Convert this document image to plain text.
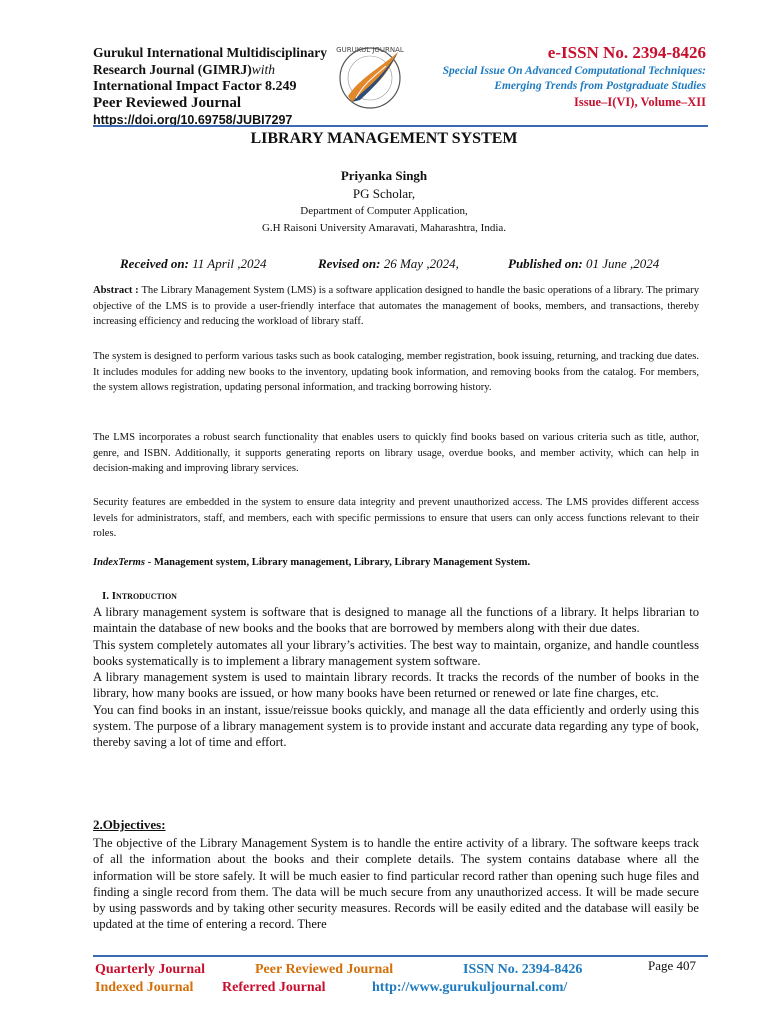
Gurukul International Multidisciplinary
Research Journal (GIMRJ)with
International Impact Factor 8.249
Peer Reviewed Journal
https://doi.org/10.69758/JUBI7297
GURUKUL JOURNAL	e-ISSN No. 2394-8426
Special Issue On Advanced Computational Techniques:
Emerging Trends from Postgraduate Studies
Issue–I(VI), Volume–XII
LIBRARY MANAGEMENT SYSTEM
Priyanka Singh
PG Scholar,
Department of Computer Application,
G.H Raisoni University Amaravati, Maharashtra, India.
Received on: 11 April ,2024	Revised on: 26 May ,2024,	Published on: 01 June ,2024
Abstract : The Library Management System (LMS) is a software application designed to handle the basic operations of a library. The primary objective of the LMS is to provide a user-friendly interface that automates the management of books, members, and transactions, thereby increasing efficiency and reducing the workload of library staff.
The system is designed to perform various tasks such as book cataloging, member registration, book issuing, returning, and tracking due dates. It includes modules for adding new books to the inventory, updating book information, and removing books from the catalog. For members, the system allows registration, updating personal information, and tracking borrowing history.
The LMS incorporates a robust search functionality that enables users to quickly find books based on various criteria such as title, author, genre, and ISBN. Additionally, it supports generating reports on library usage, overdue books, and member activity, which can help in decision-making and improving library services.
Security features are embedded in the system to ensure data integrity and prevent unauthorized access. The LMS provides different access levels for administrators, staff, and members, each with specific permissions to ensure that users can only access functions relevant to their roles.
IndexTerms - Management system, Library management, Library, Library Management System.
I. Introduction
A library management system is software that is designed to manage all the functions of a library. It helps librarian to maintain the database of new books and the books that are borrowed by members along with their due dates.
This system completely automates all your library’s activities. The best way to maintain, organize, and handle countless books systematically is to implement a library management system software.
A library management system is used to maintain library records. It tracks the records of the number of books in the library, how many books are issued, or how many books have been returned or renewed or late fine charges, etc.
You can find books in an instant, issue/reissue books quickly, and manage all the data efficiently and orderly using this system. The purpose of a library management system is to provide instant and accurate data regarding any type of book, thereby saving a lot of time and effort.
2.Objectives:
The objective of the Library Management System is to handle the entire activity of a library. The software keeps track of all the information about the books and their complete details. The system contains database where all the information will be store safely. It will be much easier to find particular record rather than opening such huge files and finding a single record from them. The data will be much secure from any unauthorized access. It will be made secure by using passwords and by taking other security measures. Records will be easily edited and the database will easily be updated at the time of entering a record. There
Quarterly Journal	Peer Reviewed Journal	ISSN No. 2394-8426
Indexed Journal Referred Journal	http://www.gurukuljournal.com/
Page 407
